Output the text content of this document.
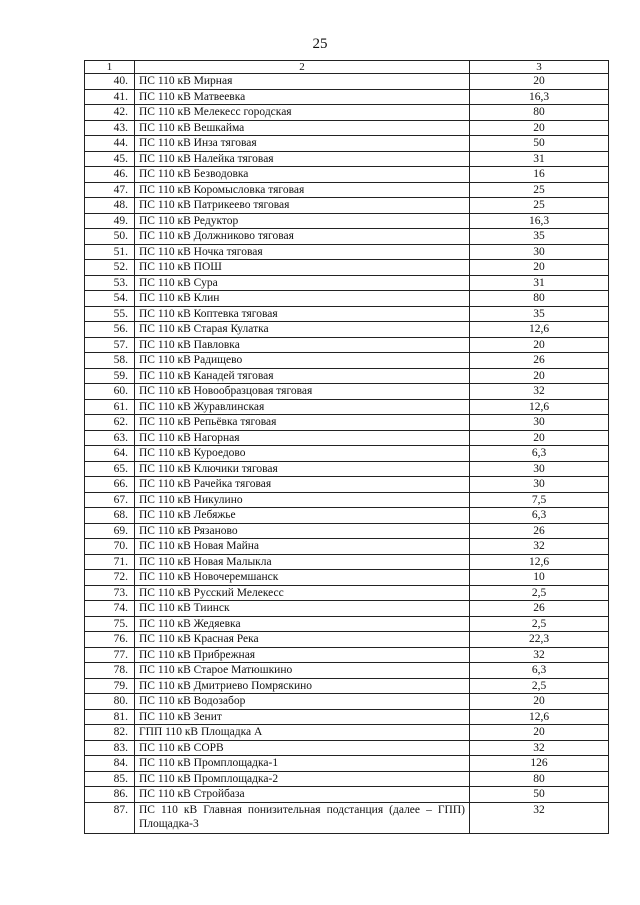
25
1	2	3
40.	ПС 110 кВ Мирная	20
41.	ПС 110 кВ Матвеевка	16,3
42.	ПС 110 кВ Мелекесс городская	80
43.	ПС 110 кВ Вешкайма	20
44.	ПС 110 кВ Инза тяговая	50
45.	ПС 110 кВ Налейка тяговая	31
46.	ПС 110 кВ Безводовка	16
47.	ПС 110 кВ Коромысловка тяговая	25
48.	ПС 110 кВ Патрикеево тяговая	25
49.	ПС 110 кВ Редуктор	16,3
50.	ПС 110 кВ Должниково тяговая	35
51.	ПС 110 кВ Ночка тяговая	30
52.	ПС 110 кВ ПОШ	20
53.	ПС 110 кВ Сура	31
54.	ПС 110 кВ Клин	80
55.	ПС 110 кВ Коптевка тяговая	35
56.	ПС 110 кВ Старая Кулатка	12,6
57.	ПС 110 кВ Павловка	20
58.	ПС 110 кВ Радищево	26
59.	ПС 110 кВ Канадей тяговая	20
60.	ПС 110 кВ Новообразцовая тяговая	32
61.	ПС 110 кВ Журавлинская	12,6
62.	ПС 110 кВ Репьёвка тяговая	30
63.	ПС 110 кВ Нагорная	20
64.	ПС 110 кВ Куроедово	6,3
65.	ПС 110 кВ Ключики тяговая	30
66.	ПС 110 кВ Рачейка тяговая	30
67.	ПС 110 кВ Никулино	7,5
68.	ПС 110 кВ Лебяжье	6,3
69.	ПС 110 кВ Рязаново	26
70.	ПС 110 кВ Новая Майна	32
71.	ПС 110 кВ Новая Малыкла	12,6
72.	ПС 110 кВ Новочеремшанск	10
73.	ПС 110 кВ Русский Мелекесс	2,5
74.	ПС 110 кВ Тиинск	26
75.	ПС 110 кВ Жедяевка	2,5
76.	ПС 110 кВ Красная Река	22,3
77.	ПС 110 кВ Прибрежная	32
78.	ПС 110 кВ Старое Матюшкино	6,3
79.	ПС 110 кВ Дмитриево Помряскино	2,5
80.	ПС 110 кВ Водозабор	20
81.	ПС 110 кВ Зенит	12,6
82.	ГПП 110 кВ Площадка А	20
83.	ПС 110 кВ СОРВ	32
84.	ПС 110 кВ Промплощадка-1	126
85.	ПС 110 кВ Промплощадка-2	80
86.	ПС 110 кВ Стройбаза	50
87.	ПС 110 кВ Главная понизительная подстанция (далее – ГПП) Площадка-3	32
